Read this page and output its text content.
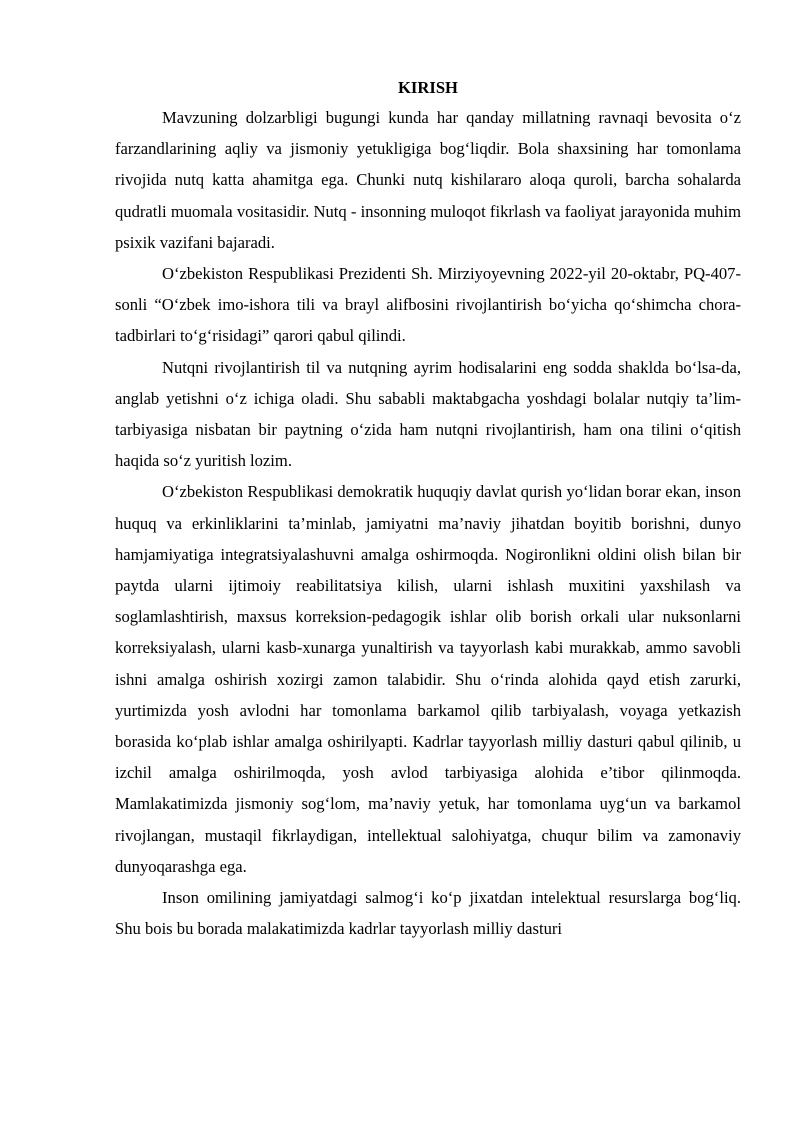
KIRISH

Mavzuning dolzarbligi bugungi kunda har qanday millatning ravnaqi bevosita o‘z farzandlarining aqliy va jismoniy yetukligiga bog‘liqdir. Bola shaxsining har tomonlama rivojida nutq katta ahamitga ega. Chunki nutq kishilararo aloqa quroli, barcha sohalarda qudratli muomala vositasidir. Nutq - insonning muloqot fikrlash va faoliyat jarayonida muhim psixik vazifani bajaradi.

O‘zbekiston Respublikasi Prezidenti Sh. Mirziyoyevning 2022-yil 20-oktabr, PQ-407-sonli “O‘zbek imo-ishora tili va brayl alifbosini rivojlantirish bo‘yicha qo‘shimcha chora-tadbirlari to‘g‘risidagi” qarori qabul qilindi.

Nutqni rivojlantirish til va nutqning ayrim hodisalarini eng sodda shaklda bo‘lsa-da, anglab yetishni o‘z ichiga oladi. Shu sababli maktabgacha yoshdagi bolalar nutqiy ta’lim-tarbiyasiga nisbatan bir paytning o‘zida ham nutqni rivojlantirish, ham ona tilini o‘qitish haqida so‘z yuritish lozim.

O‘zbekiston Respublikasi demokratik huquqiy davlat qurish yo‘lidan borar ekan, inson huquq va erkinliklarini ta’minlab, jamiyatni ma’naviy jihatdan boyitib borishni, dunyo hamjamiyatiga integratsiyalashuvni amalga oshirmoqda. Nogironlikni oldini olish bilan bir paytda ularni ijtimoiy reabilitatsiya kilish, ularni ishlash muxitini yaxshilash va soglamlashtirish, maxsus korreksion-pedagogik ishlar olib borish orkali ular nuksonlarni korreksiyalash, ularni kasb-xunarga yunaltirish va tayyorlash kabi murakkab, ammo savobli ishni amalga oshirish xozirgi zamon talabidir. Shu o‘rinda alohida qayd etish zarurki, yurtimizda yosh avlodni har tomonlama barkamol qilib tarbiyalash, voyaga yetkazish borasida ko‘plab ishlar amalga oshirilyapti. Kadrlar tayyorlash milliy dasturi qabul qilinib, u izchil amalga oshirilmoqda, yosh avlod tarbiyasiga alohida e’tibor qilinmoqda. Mamlakatimizda jismoniy sog‘lom, ma’naviy yetuk, har tomonlama uyg‘un va barkamol rivojlangan, mustaqil fikrlaydigan, intellektual salohiyatga, chuqur bilim va zamonaviy dunyoqarashga ega.

Inson omilining jamiyatdagi salmog‘i ko‘p jixatdan intelektual resurslarga bog‘liq. Shu bois bu borada malakatimizda kadrlar tayyorlash milliy dasturi
